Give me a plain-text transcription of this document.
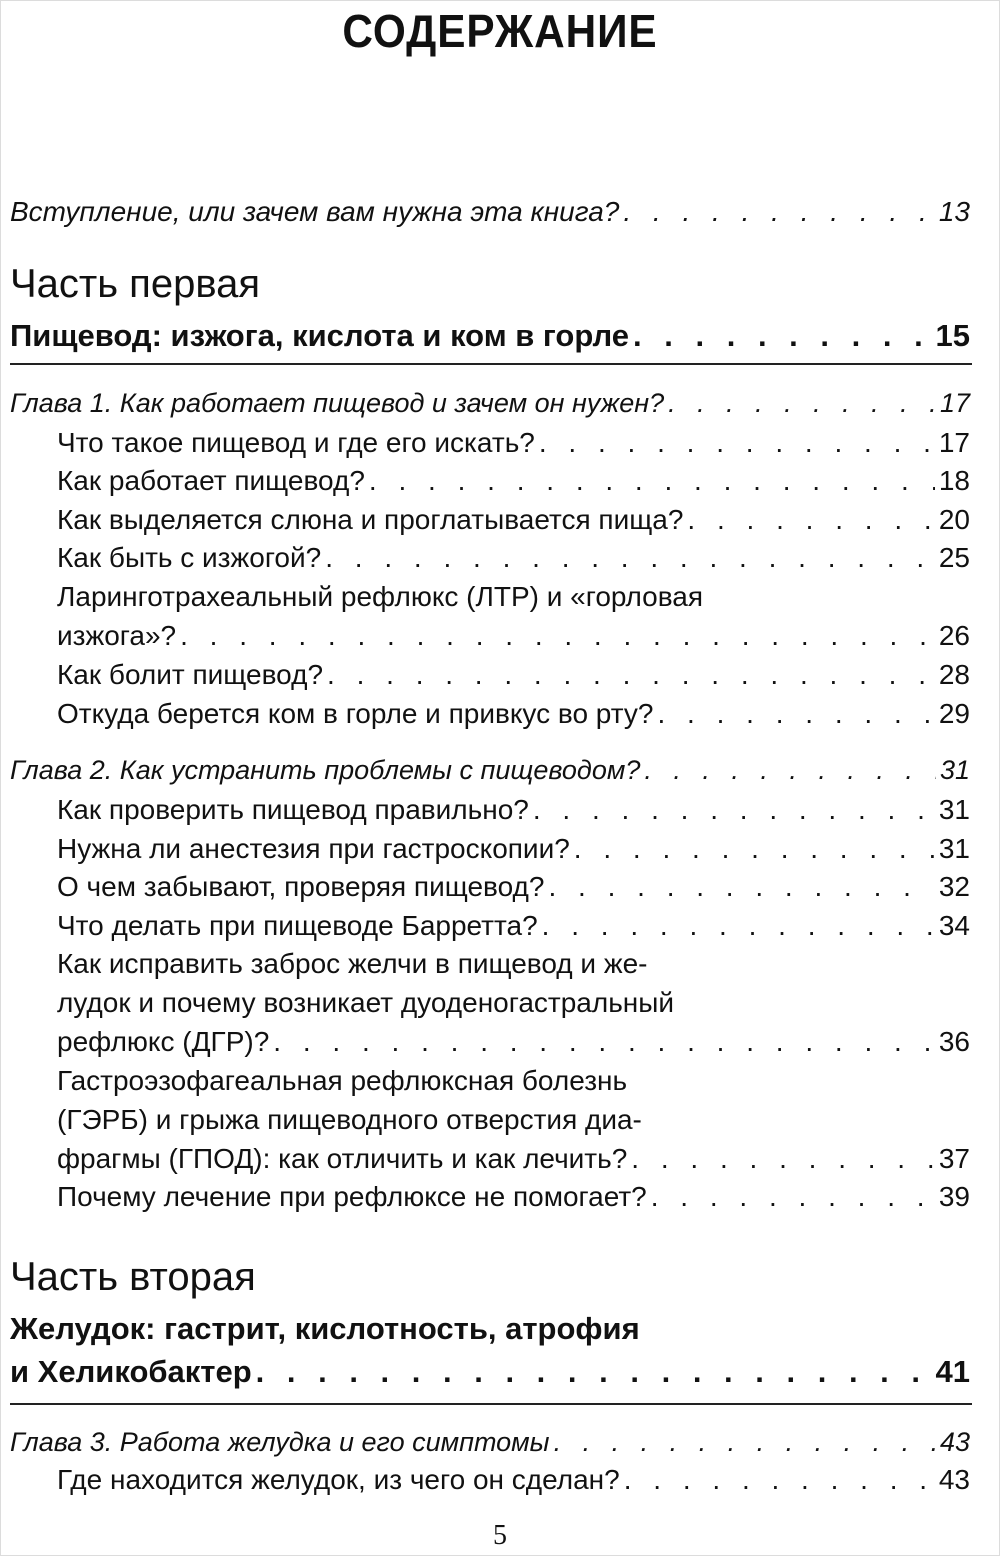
СОДЕРЖАНИЕ
Вступление, или зачем вам нужна эта книга? . . .	13
Часть первая
Пищевод: изжога, кислота и ком в горле . . .	15
Глава 1. Как работает пищевод и зачем он нужен? . . .	17
Что такое пищевод и где его искать? . . .	17
Как работает пищевод? . . .	18
Как выделяется слюна и проглатывается пища? . . .	20
Как быть с изжогой? . . .	25
Ларинготрахеальный рефлюкс (ЛТР) и «горловая
изжога»? . . .	26
Как болит пищевод? . . .	28
Откуда берется ком в горле и привкус во рту? . . .	29
Глава 2. Как устранить проблемы с пищеводом? . . .	31
Как проверить пищевод правильно? . . .	31
Нужна ли анестезия при гастроскопии? . . .	31
О чем забывают, проверяя пищевод? . . .	32
Что делать при пищеводе Барретта? . . .	34
Как исправить заброс желчи в пищевод и же-
лудок и почему возникает дуоденогастральный
рефлюкс (ДГР)? . . .	36
Гастроэзофагеальная рефлюксная болезнь
(ГЭРБ) и грыжа пищеводного отверстия диа-
фрагмы (ГПОД): как отличить и как лечить? . . .	37
Почему лечение при рефлюксе не помогает? . . .	39
Часть вторая
Желудок: гастрит, кислотность, атрофия
и Хеликобактер . . .	41
Глава 3. Работа желудка и его симптомы . . .	43
Где находится желудок, из чего он сделан? . . .	43
5
